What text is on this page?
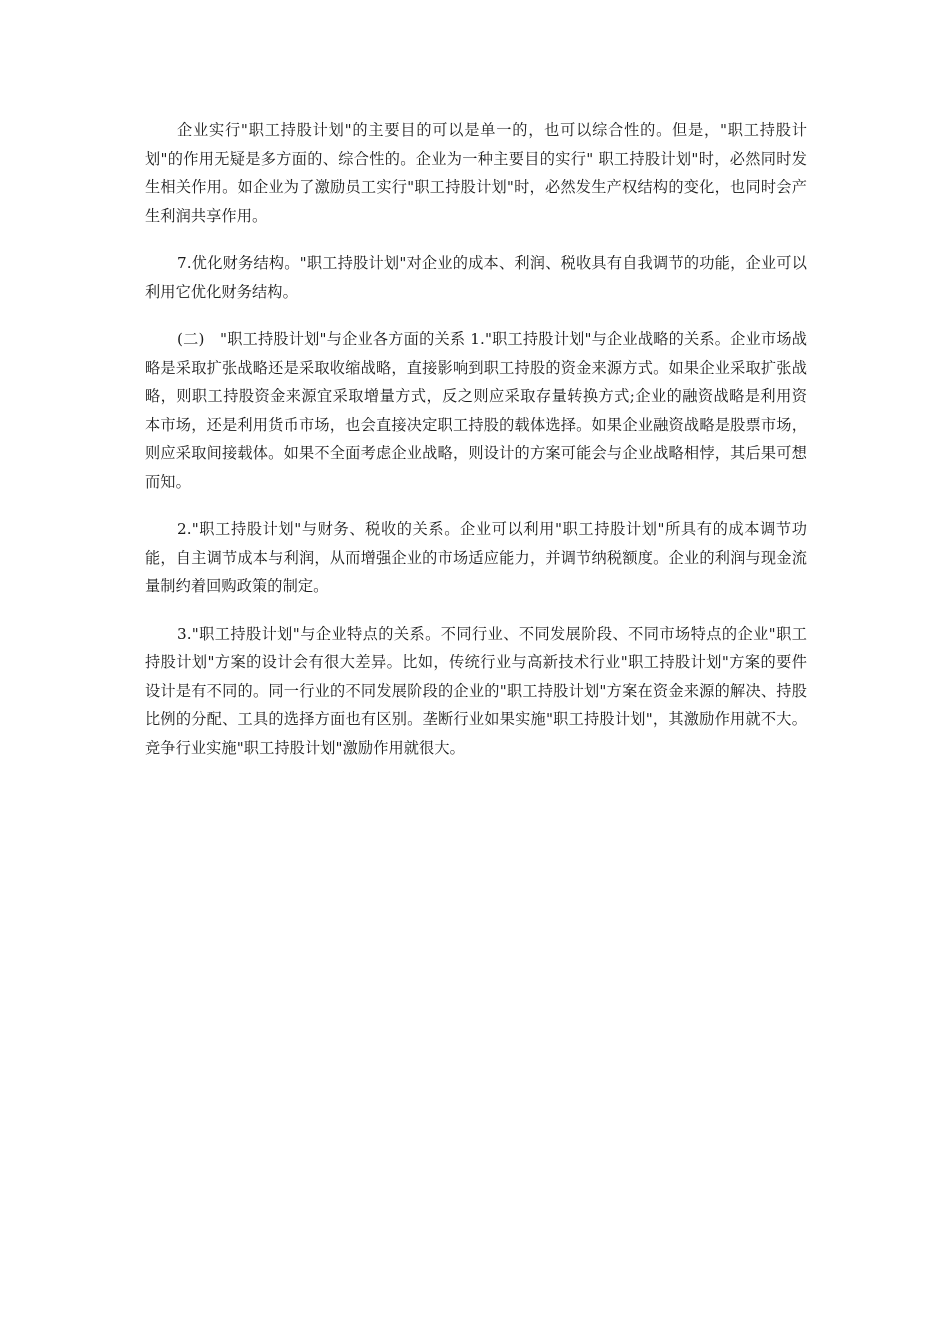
企业实行"职工持股计划"的主要目的可以是单一的，也可以综合性的。但是，"职工持股计划"的作用无疑是多方面的、综合性的。企业为一种主要目的实行" 职工持股计划"时，必然同时发生相关作用。如企业为了激励员工实行"职工持股计划"时，必然发生产权结构的变化，也同时会产生利润共享作用。

7.优化财务结构。"职工持股计划"对企业的成本、利润、税收具有自我调节的功能，企业可以利用它优化财务结构。

(二)　"职工持股计划"与企业各方面的关系 1."职工持股计划"与企业战略的关系。企业市场战略是采取扩张战略还是采取收缩战略，直接影响到职工持股的资金来源方式。如果企业采取扩张战略，则职工持股资金来源宜采取增量方式，反之则应采取存量转换方式;企业的融资战略是利用资本市场，还是利用货币市场，也会直接决定职工持股的载体选择。如果企业融资战略是股票市场，则应采取间接载体。如果不全面考虑企业战略，则设计的方案可能会与企业战略相悖，其后果可想而知。

2."职工持股计划"与财务、税收的关系。企业可以利用"职工持股计划"所具有的成本调节功能，自主调节成本与利润，从而增强企业的市场适应能力，并调节纳税额度。企业的利润与现金流量制约着回购政策的制定。

3."职工持股计划"与企业特点的关系。不同行业、不同发展阶段、不同市场特点的企业"职工持股计划"方案的设计会有很大差异。比如，传统行业与高新技术行业"职工持股计划"方案的要件设计是有不同的。同一行业的不同发展阶段的企业的"职工持股计划"方案在资金来源的解决、持股比例的分配、工具的选择方面也有区别。垄断行业如果实施"职工持股计划"，其激励作用就不大。竞争行业实施"职工持股计划"激励作用就很大。
